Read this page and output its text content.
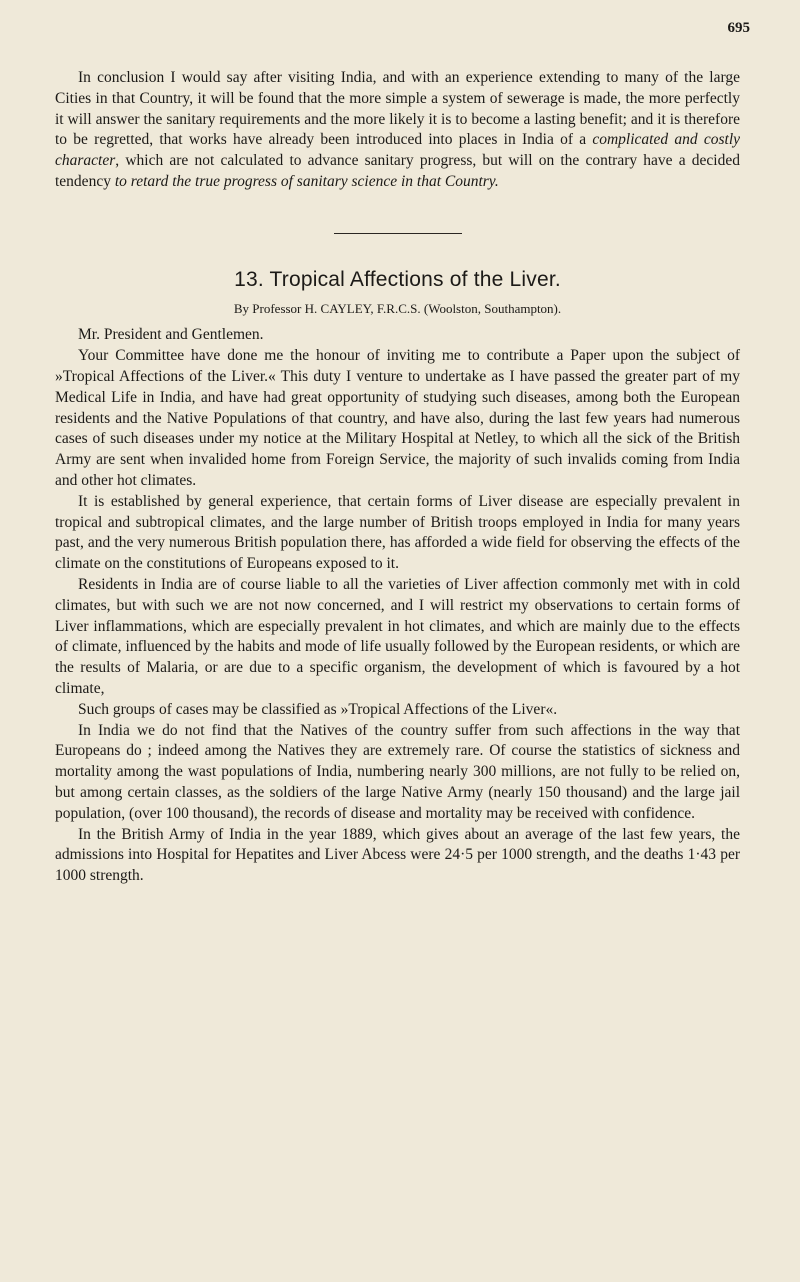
695

In conclusion I would say after visiting India, and with an experience extending to many of the large Cities in that Country, it will be found that the more simple a system of sewerage is made, the more perfectly it will answer the sanitary requirements and the more likely it is to become a lasting benefit; and it is therefore to be regretted, that works have already been introduced into places in India of a complicated and costly character, which are not calculated to advance sanitary progress, but will on the contrary have a decided tendency to retard the true progress of sanitary science in that Country.

13. Tropical Affections of the Liver.
By Professor H. CAYLEY, F.R.C.S. (Woolston, Southampton).

Mr. President and Gentlemen.

Your Committee have done me the honour of inviting me to contribute a Paper upon the subject of »Tropical Affections of the Liver.« This duty I venture to undertake as I have passed the greater part of my Medical Life in India, and have had great opportunity of studying such diseases, among both the European residents and the Native Populations of that country, and have also, during the last few years had numerous cases of such diseases under my notice at the Military Hospital at Netley, to which all the sick of the British Army are sent when invalided home from Foreign Service, the majority of such invalids coming from India and other hot climates.

It is established by general experience, that certain forms of Liver disease are especially prevalent in tropical and subtropical climates, and the large number of British troops employed in India for many years past, and the very numerous British population there, has afforded a wide field for observing the effects of the climate on the constitutions of Europeans exposed to it.

Residents in India are of course liable to all the varieties of Liver affection commonly met with in cold climates, but with such we are not now concerned, and I will restrict my observations to certain forms of Liver inflammations, which are especially prevalent in hot climates, and which are mainly due to the effects of climate, influenced by the habits and mode of life usually followed by the European residents, or which are the results of Malaria, or are due to a specific organism, the development of which is favoured by a hot climate,

Such groups of cases may be classified as »Tropical Affections of the Liver«.

In India we do not find that the Natives of the country suffer from such affections in the way that Europeans do ; indeed among the Natives they are extremely rare. Of course the statistics of sickness and mortality among the wast populations of India, numbering nearly 300 millions, are not fully to be relied on, but among certain classes, as the soldiers of the large Native Army (nearly 150 thousand) and the large jail population, (over 100 thousand), the records of disease and mortality may be received with confidence.

In the British Army of India in the year 1889, which gives about an average of the last few years, the admissions into Hospital for Hepatites and Liver Abcess were 24·5 per 1000 strength, and the deaths 1·43 per 1000 strength.
